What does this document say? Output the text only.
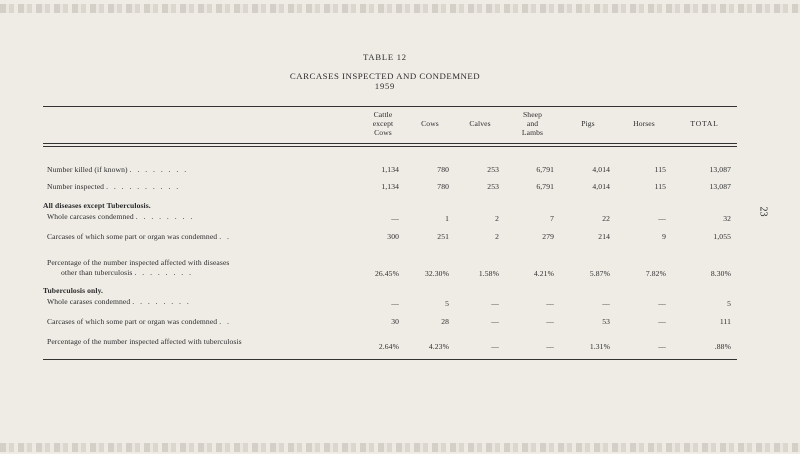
TABLE 12
CARCASES INSPECTED AND CONDEMNED
1959
23
	Cattle
except
Cows	Cows	Calves	Sheep
and
Lambs	Pigs	Horses	TOTAL

Number killed (if known) . . . . . . . .	1,134	780	253	6,791	4,014	115	13,087
Number inspected . . . . . . . . . .	1,134	780	253	6,791	4,014	115	13,087
All diseases except Tuberculosis.							
Whole carcases condemned . . . . . . . .	—	1	2	7	22	—	32
Carcases of which some part or organ was condemned . .	300	251	2	279	214	9	1,055

Percentage of the number inspected affected with diseases
other than tuberculosis . . . . . . . .	26.45%	32.30%	1.58%	4.21%	5.87%	7.82%	8.30%
Tuberculosis only.							
Whole carases condemned . . . . . . . .	—	5	—	—	—	—	5
Carcases of which some part or organ was condemned . .	30	28	—	—	53	—	111
Percentage of the number inspected affected with tuberculosis	2.64%	4.23%	—	—	1.31%	—	.88%
